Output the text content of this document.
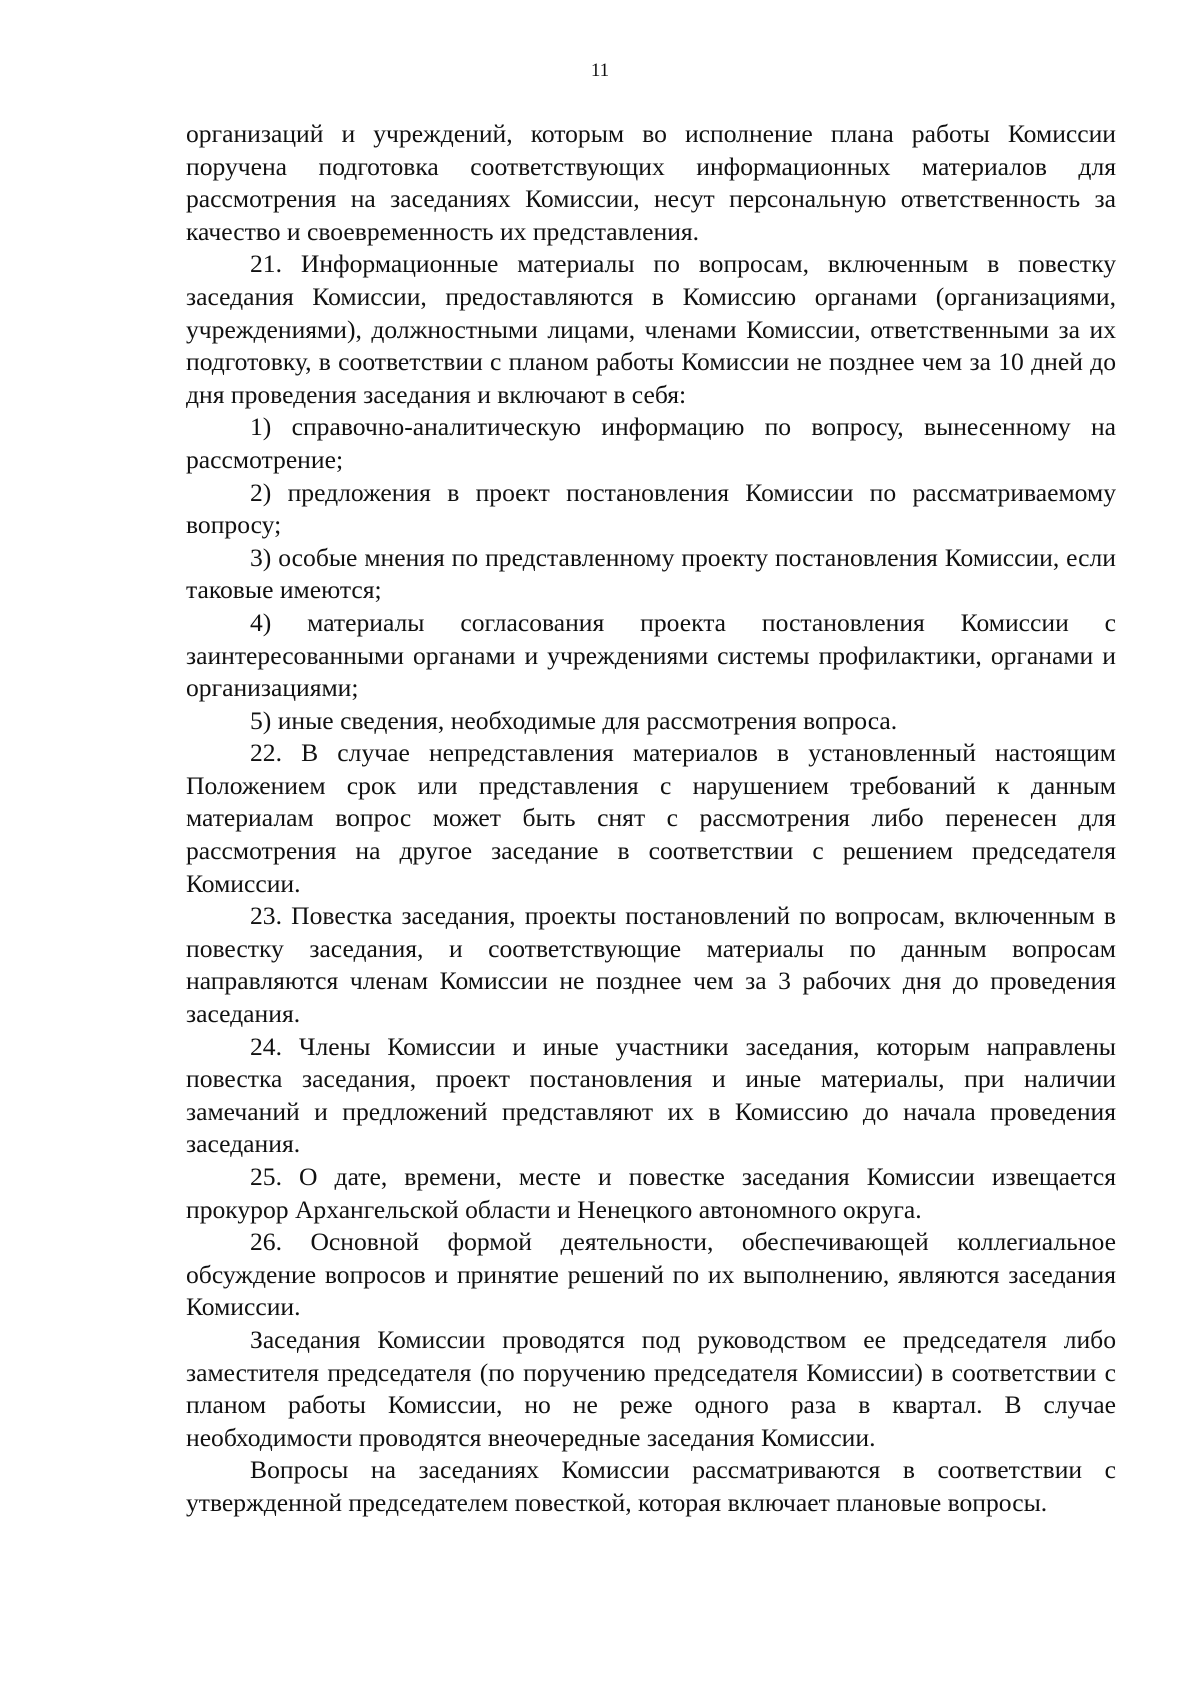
11

организаций и учреждений, которым во исполнение плана работы Комиссии поручена подготовка соответствующих информационных материалов для рассмотрения на заседаниях Комиссии, несут персональную ответственность за качество и своевременность их представления.

21. Информационные материалы по вопросам, включенным в повестку заседания Комиссии, предоставляются в Комиссию органами (организациями, учреждениями), должностными лицами, членами Комиссии, ответственными за их подготовку, в соответствии с планом работы Комиссии не позднее чем за 10 дней до дня проведения заседания и включают в себя:

1) справочно-аналитическую информацию по вопросу, вынесенному на рассмотрение;

2) предложения в проект постановления Комиссии по рассматриваемому вопросу;

3) особые мнения по представленному проекту постановления Комиссии, если таковые имеются;

4) материалы согласования проекта постановления Комиссии с заинтересованными органами и учреждениями системы профилактики, органами и организациями;

5) иные сведения, необходимые для рассмотрения вопроса.

22. В случае непредставления материалов в установленный настоящим Положением срок или представления с нарушением требований к данным материалам вопрос может быть снят с рассмотрения либо перенесен для рассмотрения на другое заседание в соответствии с решением председателя Комиссии.

23. Повестка заседания, проекты постановлений по вопросам, включенным в повестку заседания, и соответствующие материалы по данным вопросам направляются членам Комиссии не позднее чем за 3 рабочих дня до проведения заседания.

24. Члены Комиссии и иные участники заседания, которым направлены повестка заседания, проект постановления и иные материалы, при наличии замечаний и предложений представляют их в Комиссию до начала проведения заседания.

25. О дате, времени, месте и повестке заседания Комиссии извещается прокурор Архангельской области и Ненецкого автономного округа.

26. Основной формой деятельности, обеспечивающей коллегиальное обсуждение вопросов и принятие решений по их выполнению, являются заседания Комиссии.

Заседания Комиссии проводятся под руководством ее председателя либо заместителя председателя (по поручению председателя Комиссии) в соответствии с планом работы Комиссии, но не реже одного раза в квартал. В случае необходимости проводятся внеочередные заседания Комиссии.

Вопросы на заседаниях Комиссии рассматриваются в соответствии с утвержденной председателем повесткой, которая включает плановые вопросы.
